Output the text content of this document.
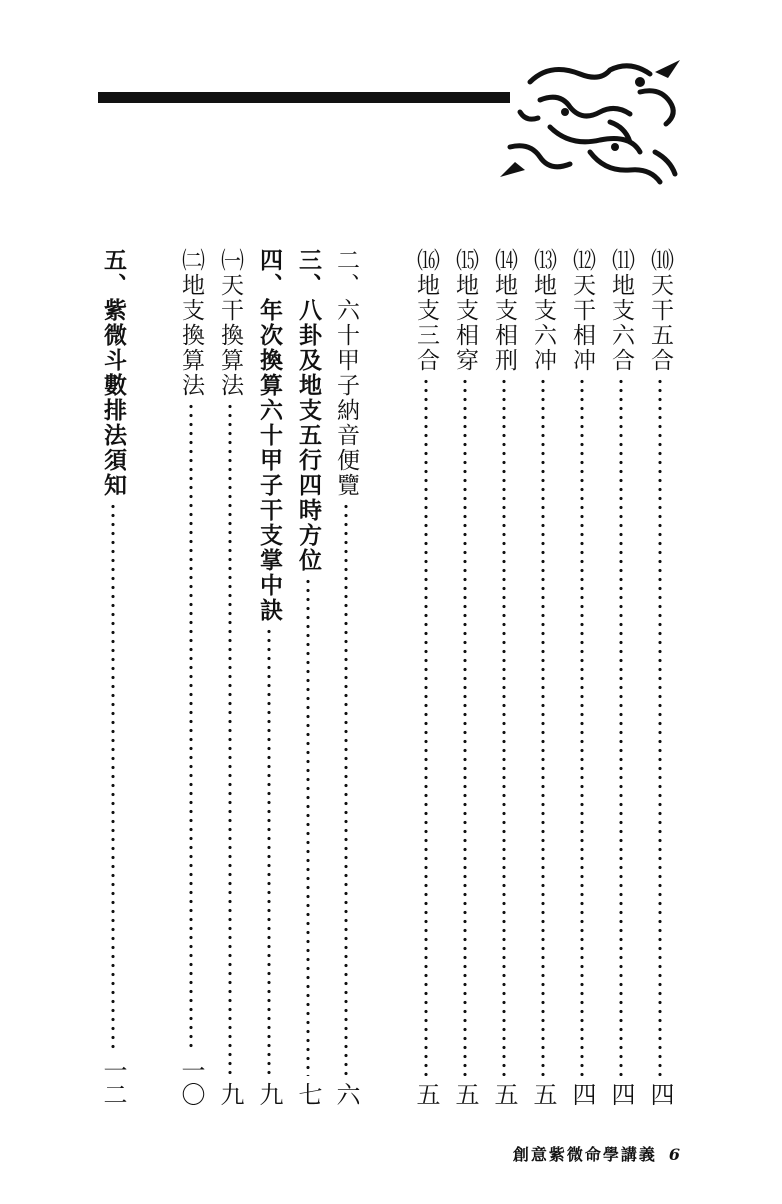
⑽天干五合
四
⑾地支六合
四
⑿天干相冲
四
⒀地支六冲
五
⒁地支相刑
五
⒂地支相穿
五
⒃地支三合
五
二、六十甲子納音便覽
六
三、八卦及地支五行四時方位
七
四、年次換算六十甲子干支掌中訣
九
㈠天干換算法
九
㈡地支換算法
一〇
五、紫微斗數排法須知
一二
創意紫微命學講義 6
